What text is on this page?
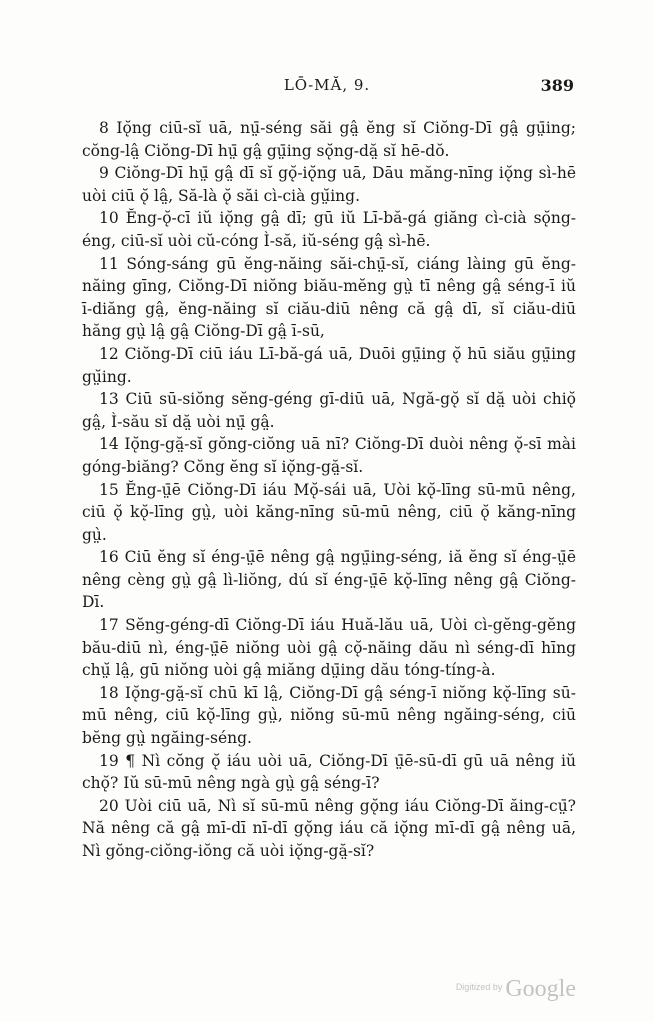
LŌ-MĂ, 9.	389

8 Iǫ̆ng ciū-sĭ uā, nṳ̄-séng săi gâ̤ ĕng sĭ Ciŏng-Dī gâ̤ gṳ̄ing; cŏng-lâ̤ Ciŏng-Dī hṳ̄ gâ̤ gṳ̄ing sǫ̆ng-dă̤ sĭ hē-dŏ.

9 Ciŏng-Dī hṳ̄ gâ̤ dī sĭ gǫ̆-iǫ̆ng uā, Dāu măng-nīng iǫ̆ng sì-hē uòi ciū ǫ̆ lâ̤, Să-là ǫ̆ săi cì-cià gṳ̆ing.

10 Ĕng-ǫ̆-cī iŭ iǫ̆ng gâ̤ dī; gū iŭ Lī-bă-gá giăng cì-cià sǫ̆ng-éng, ciū-sĭ uòi cŭ-cóng Ì-să, iŭ-séng gâ̤ sì-hē.

11 Sóng-sáng gū ĕng-năing săi-chṳ̄-sĭ, ciáng làing gū ĕng-năing gīng, Ciŏng-Dī niŏng biău-mĕng gṳ̀ tī nêng gâ̤ séng-ī iŭ ī-diăng gâ̤, ĕng-năing sĭ ciău-diū nêng că gâ̤ dī, sĭ ciău-diū hăng gṳ̀ lâ̤ gâ̤ Ciŏng-Dī gâ̤ ī-sū,

12 Ciŏng-Dī ciū iáu Lī-bă-gá uā, Duōi gṳ̄ing ǫ̆ hū siău gṳ̄ing gṳ̆ing.

13 Ciū sū-siŏng sĕng-géng gī-diū uā, Ngă-gǫ̆ sĭ dă̤ uòi chiǫ̆ gâ̤, Ì-său sĭ dă̤ uòi nṳ̄ gâ̤.

14 Iǫ̆ng-gă̤-sĭ gŏng-ciŏng uā nī? Ciŏng-Dī duòi nêng ǫ̆-sī mài góng-biăng? Cŏng ĕng sĭ iǫ̆ng-gă̤-sĭ.

15 Ĕng-ṳ̄ē Ciŏng-Dī iáu Mǫ̆-sái uā, Uòi kǫ̆-līng sū-mū nêng, ciū ǫ̆ kǫ̆-līng gṳ̀, uòi kăng-nīng sū-mū nêng, ciū ǫ̆ kăng-nīng gṳ̀.

16 Ciū ĕng sĭ éng-ṳ̄ē nêng gâ̤ ngṳ̄ing-séng, iă ĕng sĭ éng-ṳ̄ē nêng cèng gṳ̀ gâ̤ lì-liŏng, dú sĭ éng-ṳ̄ē kǫ̆-līng nêng gâ̤ Ciŏng-Dī.

17 Sĕng-géng-dī Ciŏng-Dī iáu Huă-lău uā, Uòi cì-gĕng-gĕng bău-diū nì, éng-ṳ̄ē niŏng uòi gâ̤ cǫ̆-năing dău nì séng-dī hīng chṳ̆ lâ̤, gū niŏng uòi gâ̤ miăng dṳ̄ing dău tóng-tíng-à.

18 Iǫ̆ng-gă̤-sĭ chū kī lâ̤, Ciŏng-Dī gâ̤ séng-ī niŏng kǫ̆-līng sū-mū nêng, ciū kǫ̆-līng gṳ̀, niŏng sū-mū nêng ngăing-séng, ciū bĕng gṳ̀ ngăing-séng.

19 ¶ Nì cŏng ǫ̆ iáu uòi uā, Ciŏng-Dī ṳ̄ē-sū-dī gū uā nêng iŭ chǫ̆? Iŭ sū-mū nêng ngà gṳ̀ gâ̤ séng-ī?

20 Uòi ciū uā, Nì sĭ sū-mū nêng gǫ̆ng iáu Ciŏng-Dī ăing-cṳ̄? Nă nêng că gâ̤ mī-dī nī-dī gǫ̆ng iáu că iǫ̆ng mī-dī gâ̤ nêng uā, Nì gŏng-ciŏng-iŏng că uòi iǫ̆ng-gă̤-sĭ?

$^{Digitized by}$ Google
